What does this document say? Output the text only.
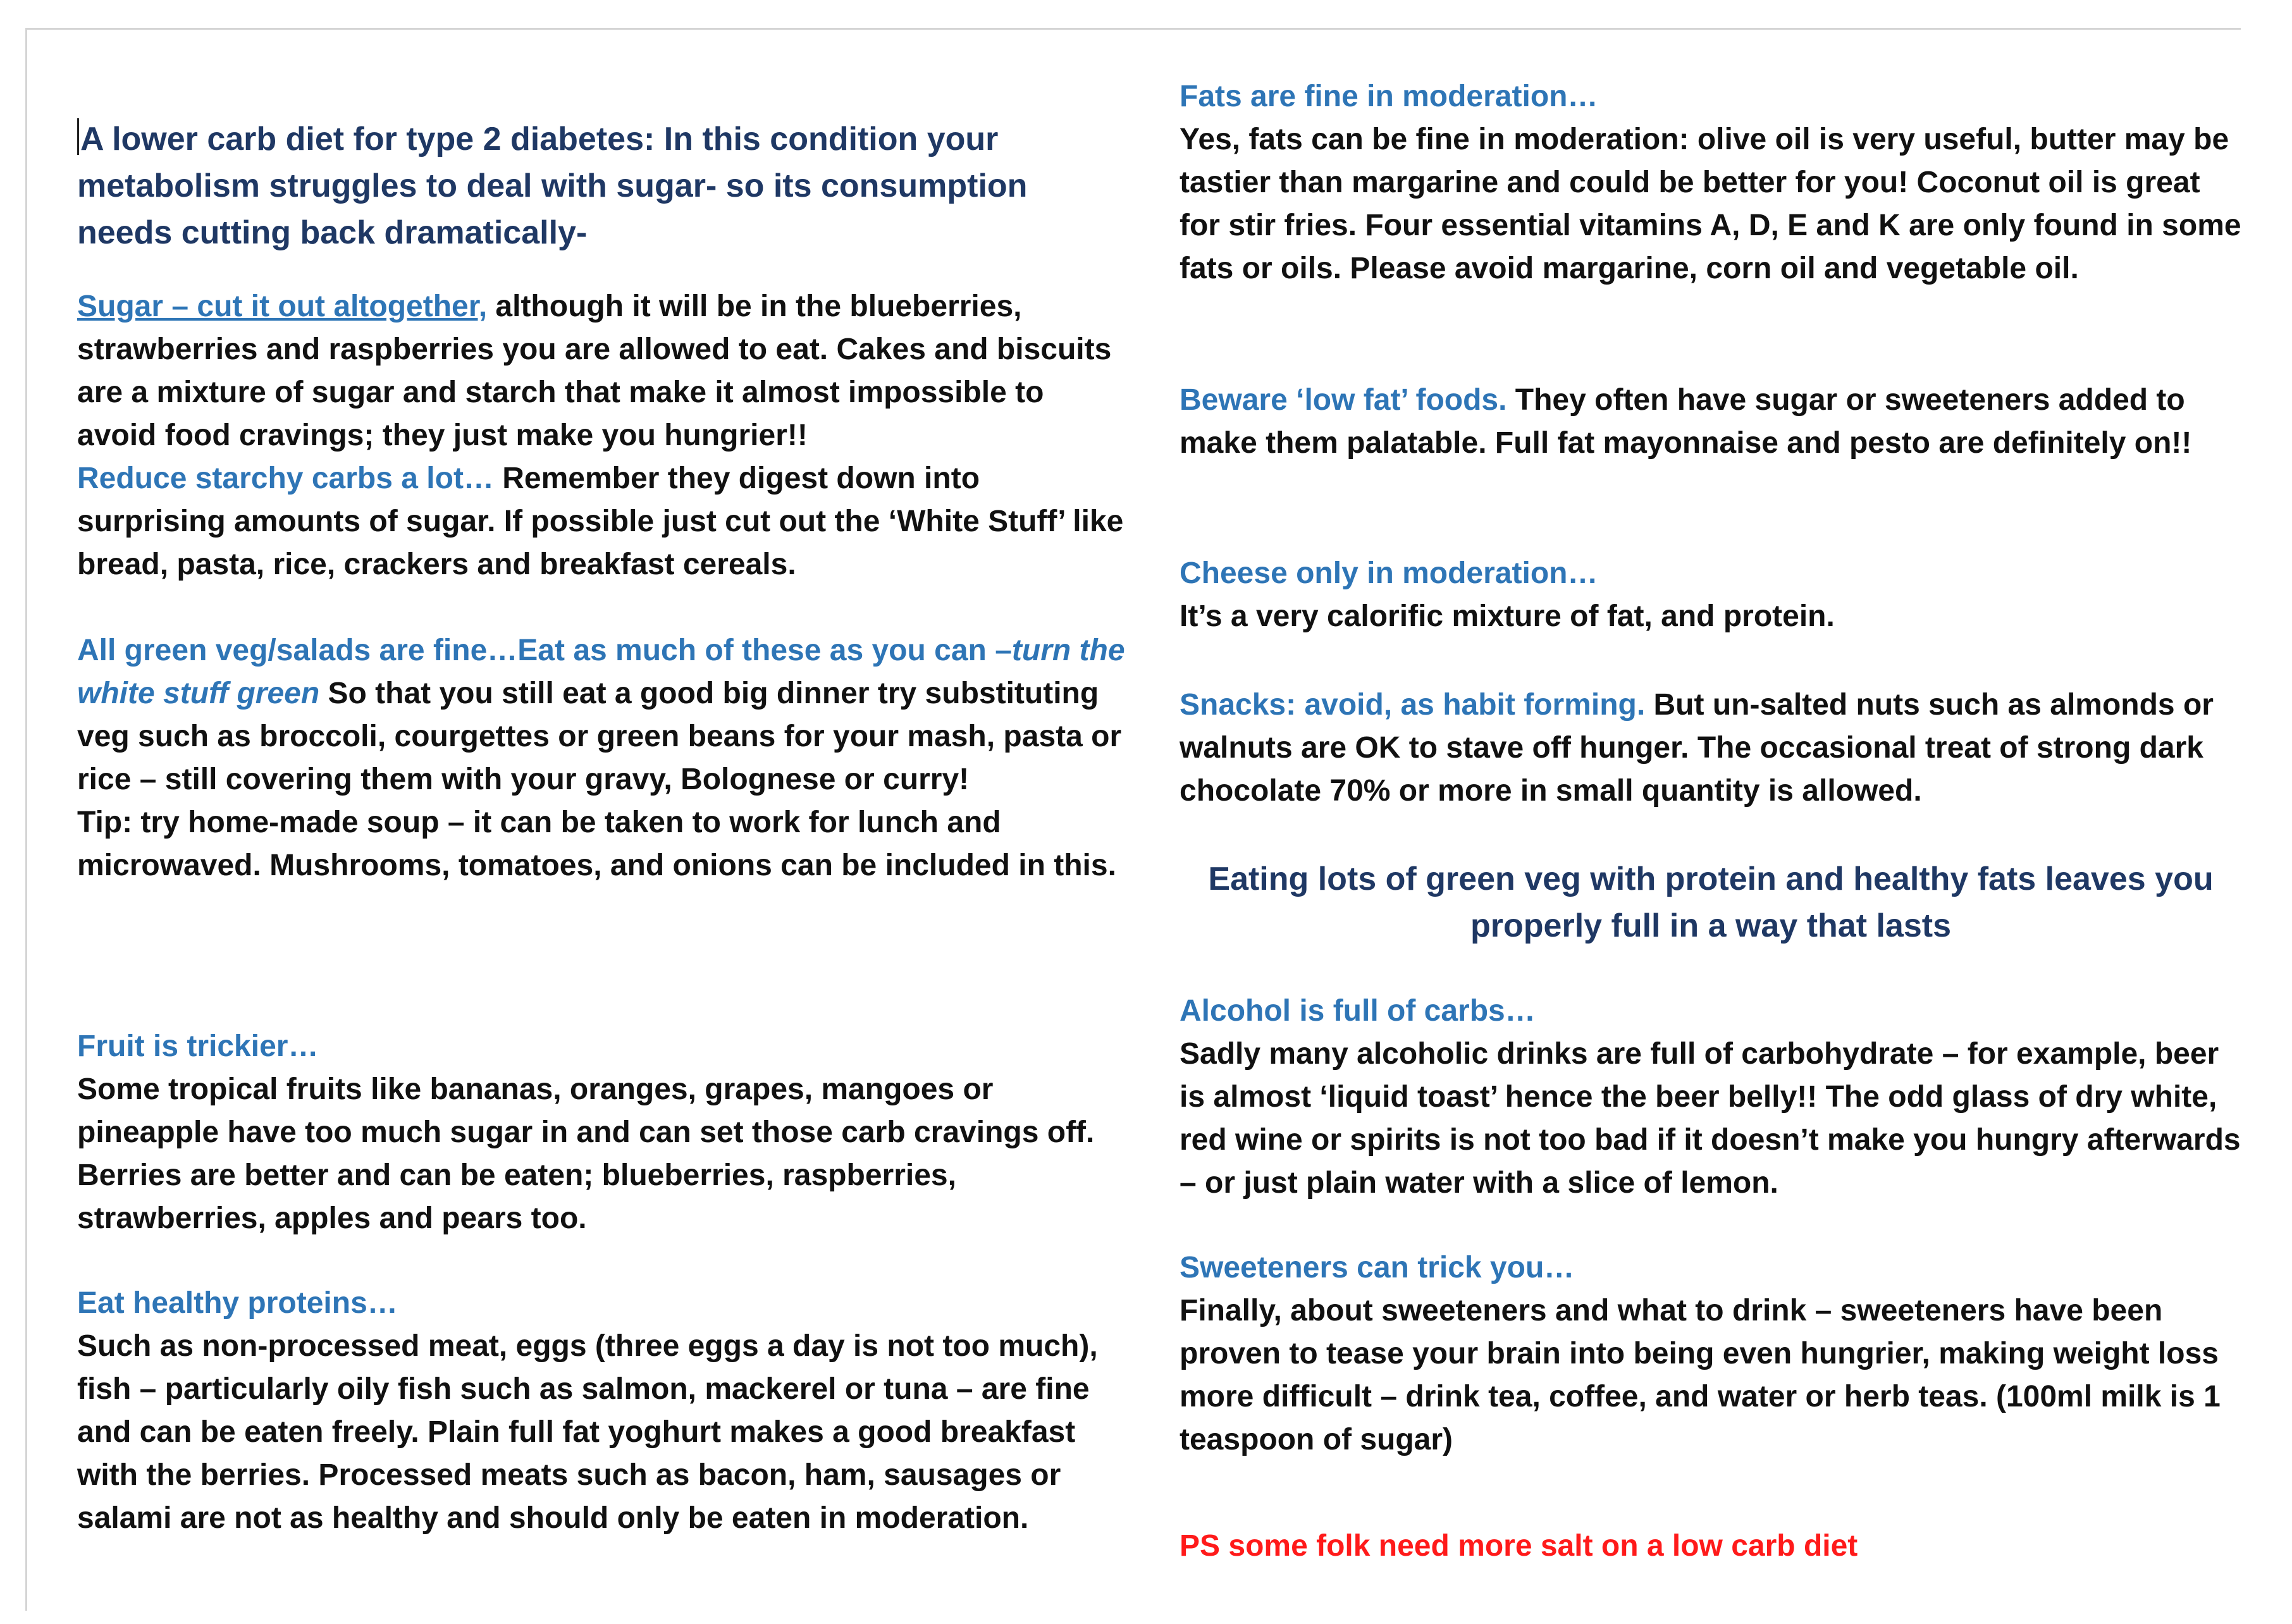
A lower carb diet for type 2 diabetes: In this condition your metabolism struggles to deal with sugar- so its consumption needs cutting back dramatically-

Sugar – cut it out altogether, although it will be in the blueberries, strawberries and raspberries you are allowed to eat. Cakes and biscuits are a mixture of sugar and starch that make it almost impossible to avoid food cravings; they just make you hungrier!!
Reduce starchy carbs a lot… Remember they digest down into surprising amounts of sugar. If possible just cut out the ‘White Stuff’ like bread, pasta, rice, crackers and breakfast cereals.

All green veg/salads are fine…Eat as much of these as you can –turn the white stuff green So that you still eat a good big dinner try substituting veg such as broccoli, courgettes or green beans for your mash, pasta or rice – still covering them with your gravy, Bolognese or curry!

Tip: try home-made soup – it can be taken to work for lunch and microwaved. Mushrooms, tomatoes, and onions can be included in this.

Fruit is trickier…

Some tropical fruits like bananas, oranges, grapes, mangoes or pineapple have too much sugar in and can set those carb cravings off. Berries are better and can be eaten; blueberries, raspberries, strawberries, apples and pears too.

Eat healthy proteins…

Such as non-processed meat, eggs (three eggs a day is not too much), fish – particularly oily fish such as salmon, mackerel or tuna – are fine and can be eaten freely. Plain full fat yoghurt makes a good breakfast with the berries. Processed meats such as bacon, ham, sausages or salami are not as healthy and should only be eaten in moderation.

Fats are fine in moderation…

Yes, fats can be fine in moderation: olive oil is very useful, butter may be tastier than margarine and could be better for you! Coconut oil is great for stir fries. Four essential vitamins A, D, E and K are only found in some fats or oils. Please avoid margarine, corn oil and vegetable oil.

Beware ‘low fat’ foods. They often have sugar or sweeteners added to make them palatable. Full fat mayonnaise and pesto are definitely on!!

Cheese only in moderation…

It’s a very calorific mixture of fat, and protein.

Snacks: avoid, as habit forming. But un-salted nuts such as almonds or walnuts are OK to stave off hunger. The occasional treat of strong dark chocolate 70% or more in small quantity is allowed.

Eating lots of green veg with protein and healthy fats leaves you properly full in a way that lasts

Alcohol is full of carbs…

Sadly many alcoholic drinks are full of carbohydrate – for example, beer is almost ‘liquid toast’ hence the beer belly!! The odd glass of dry white, red wine or spirits is not too bad if it doesn’t make you hungry afterwards – or just plain water with a slice of lemon.

Sweeteners can trick you…

Finally, about sweeteners and what to drink – sweeteners have been proven to tease your brain into being even hungrier, making weight loss more difficult – drink tea, coffee, and water or herb teas. (100ml milk is 1 teaspoon of sugar)

PS some folk need more salt on a low carb diet
